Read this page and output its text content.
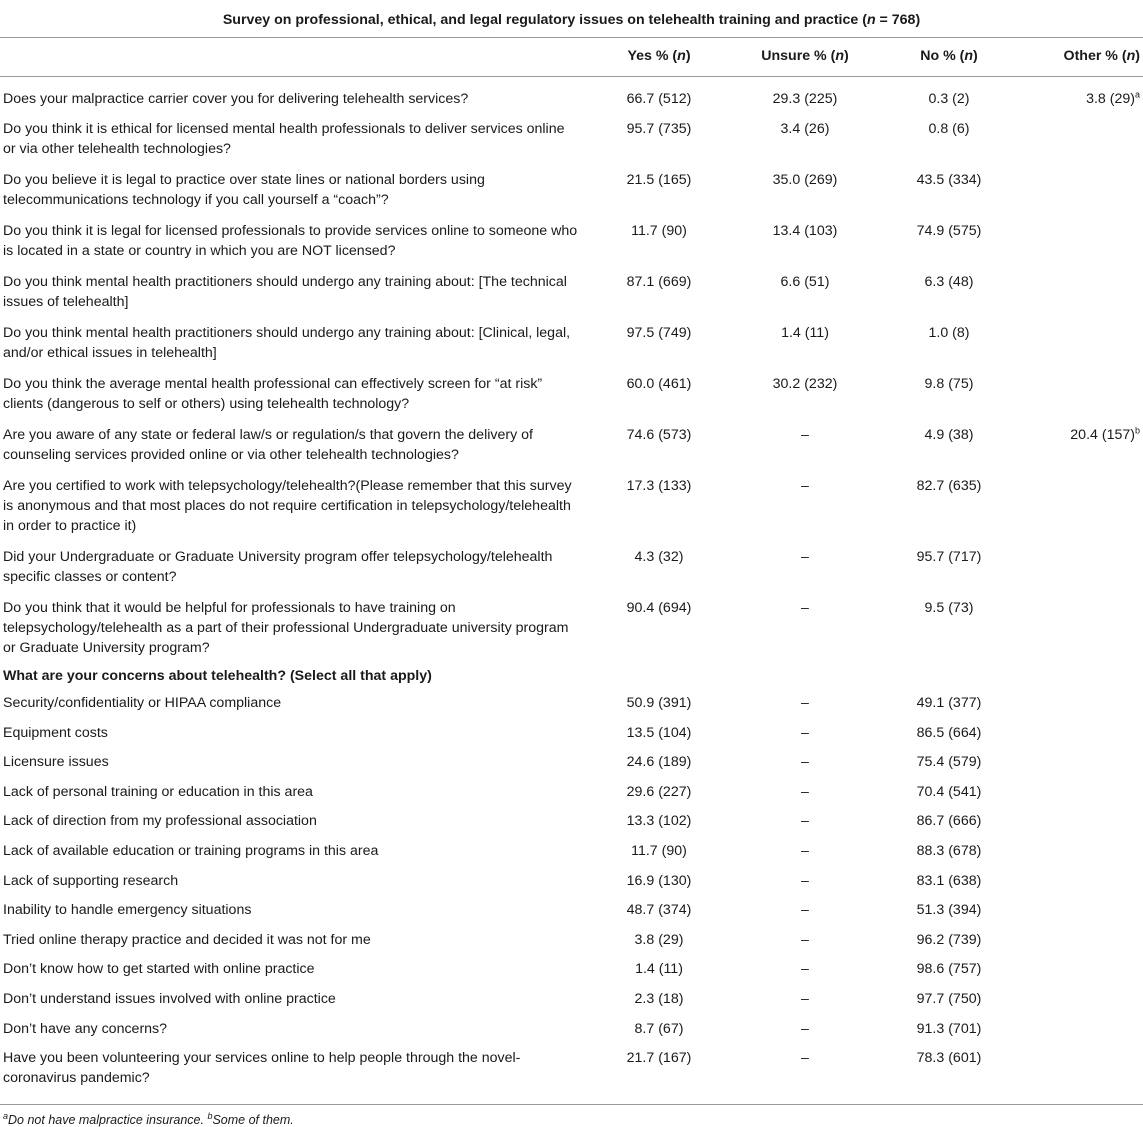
Survey on professional, ethical, and legal regulatory issues on telehealth training and practice (n = 768)
	Yes % (n)	Unsure % (n)	No % (n)	Other % (n)
Does your malpractice carrier cover you for delivering telehealth services?	66.7 (512)	29.3 (225)	0.3 (2)	3.8 $(29)^a$
Do you think it is ethical for licensed mental health professionals to deliver services online or via other telehealth technologies?	95.7 (735)	3.4 (26)	0.8 (6)	
Do you believe it is legal to practice over state lines or national borders using telecommunications technology if you call yourself a “coach”?	21.5 (165)	35.0 (269)	43.5 (334)	
Do you think it is legal for licensed professionals to provide services online to someone who is located in a state or country in which you are NOT licensed?	11.7 (90)	13.4 (103)	74.9 (575)	
Do you think mental health practitioners should undergo any training about: [The technical issues of telehealth]	87.1 (669)	6.6 (51)	6.3 (48)	
Do you think mental health practitioners should undergo any training about: [Clinical, legal, and/or ethical issues in telehealth]	97.5 (749)	1.4 (11)	1.0 (8)	
Do you think the average mental health professional can effectively screen for “at risk” clients (dangerous to self or others) using telehealth technology?	60.0 (461)	30.2 (232)	9.8 (75)	
Are you aware of any state or federal law/s or regulation/s that govern the delivery of counseling services provided online or via other telehealth technologies?	74.6 (573)	–	4.9 (38)	20.4 $(157)^b$
Are you certified to work with telepsychology/telehealth?(Please remember that this survey is anonymous and that most places do not require certification in telepsychology/telehealth in order to practice it)	17.3 (133)	–	82.7 (635)	
Did your Undergraduate or Graduate University program offer telepsychology/telehealth specific classes or content?	4.3 (32)	–	95.7 (717)	
Do you think that it would be helpful for professionals to have training on telepsychology/telehealth as a part of their professional Undergraduate university program or Graduate University program?	90.4 (694)	–	9.5 (73)	
What are your concerns about telehealth? (Select all that apply)				
Security/confidentiality or HIPAA compliance	50.9 (391)	–	49.1 (377)	
Equipment costs	13.5 (104)	–	86.5 (664)	
Licensure issues	24.6 (189)	–	75.4 (579)	
Lack of personal training or education in this area	29.6 (227)	–	70.4 (541)	
Lack of direction from my professional association	13.3 (102)	–	86.7 (666)	
Lack of available education or training programs in this area	11.7 (90)	–	88.3 (678)	
Lack of supporting research	16.9 (130)	–	83.1 (638)	
Inability to handle emergency situations	48.7 (374)	–	51.3 (394)	
Tried online therapy practice and decided it was not for me	3.8 (29)	–	96.2 (739)	
Don’t know how to get started with online practice	1.4 (11)	–	98.6 (757)	
Don’t understand issues involved with online practice	2.3 (18)	–	97.7 (750)	
Don’t have any concerns?	8.7 (67)	–	91.3 (701)	
Have you been volunteering your services online to help people through the novel-coronavirus pandemic?	21.7 (167)	–	78.3 (601)	
$^a$Do not have malpractice insurance. $^b$Some of them.
